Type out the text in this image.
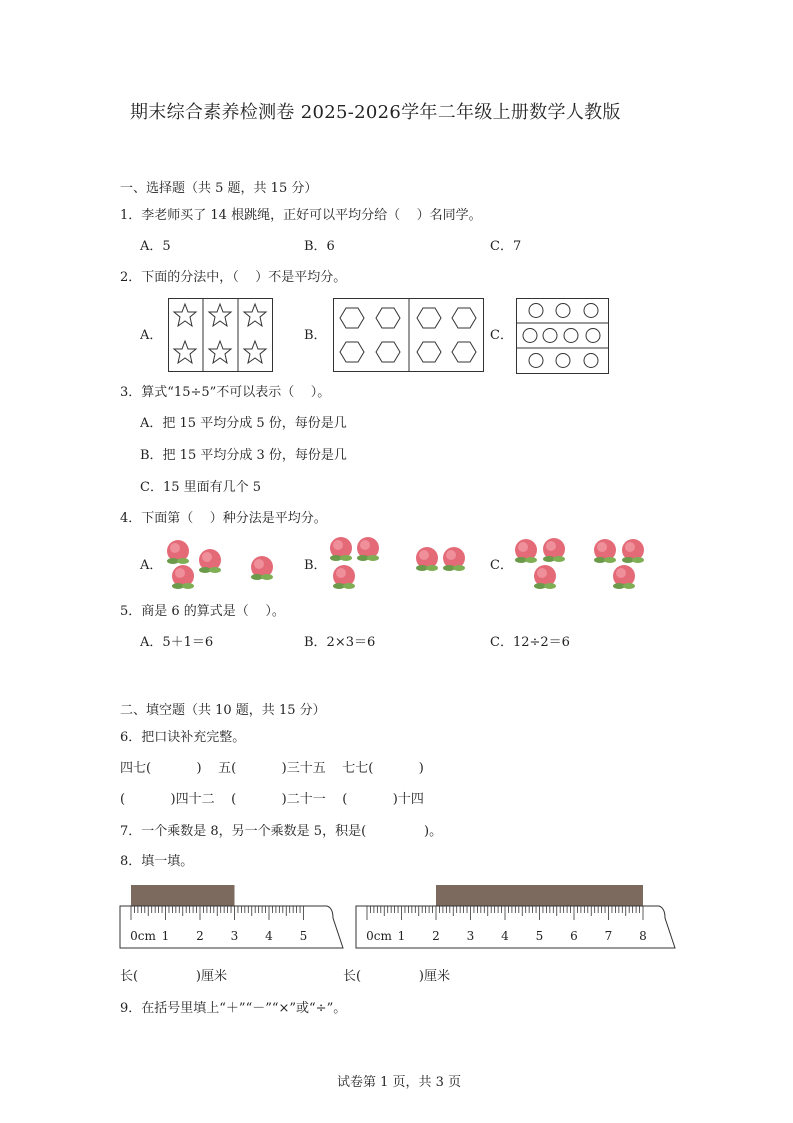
期末综合素养检测卷 2025-2026学年二年级上册数学人教版
一、选择题（共 5 题，共 15 分）
1．李老师买了 14 根跳绳，正好可以平均分给（    ）名同学。
A．5	B．6	C．7
2．下面的分法中，（    ）不是平均分。
A．	B．	C．
3．算式“15÷5”不可以表示（    ）。
A．把 15 平均分成 5 份，每份是几
B．把 15 平均分成 3 份，每份是几
C．15 里面有几个 5
4．下面第（    ）种分法是平均分。
A．	B．	C．
5．商是 6 的算式是（    ）。
A．5＋1＝6	B．2×3＝6	C．12÷2＝6
二、填空题（共 10 题，共 15 分）
6．把口诀补充完整。
四七(           )    五(           )三十五    七七(           )
(           )四十二    (           )二十一    (           )十四
7．一个乘数是 8，另一个乘数是 5，积是(              )。
8．填一填。
0cm 1 2 3 4 5	0cm 1 2 3 4 5 6 7 8
长(              )厘米	长(              )厘米
9．在括号里填上“＋”“－”“×”或“÷”。
试卷第 1 页，共 3 页
